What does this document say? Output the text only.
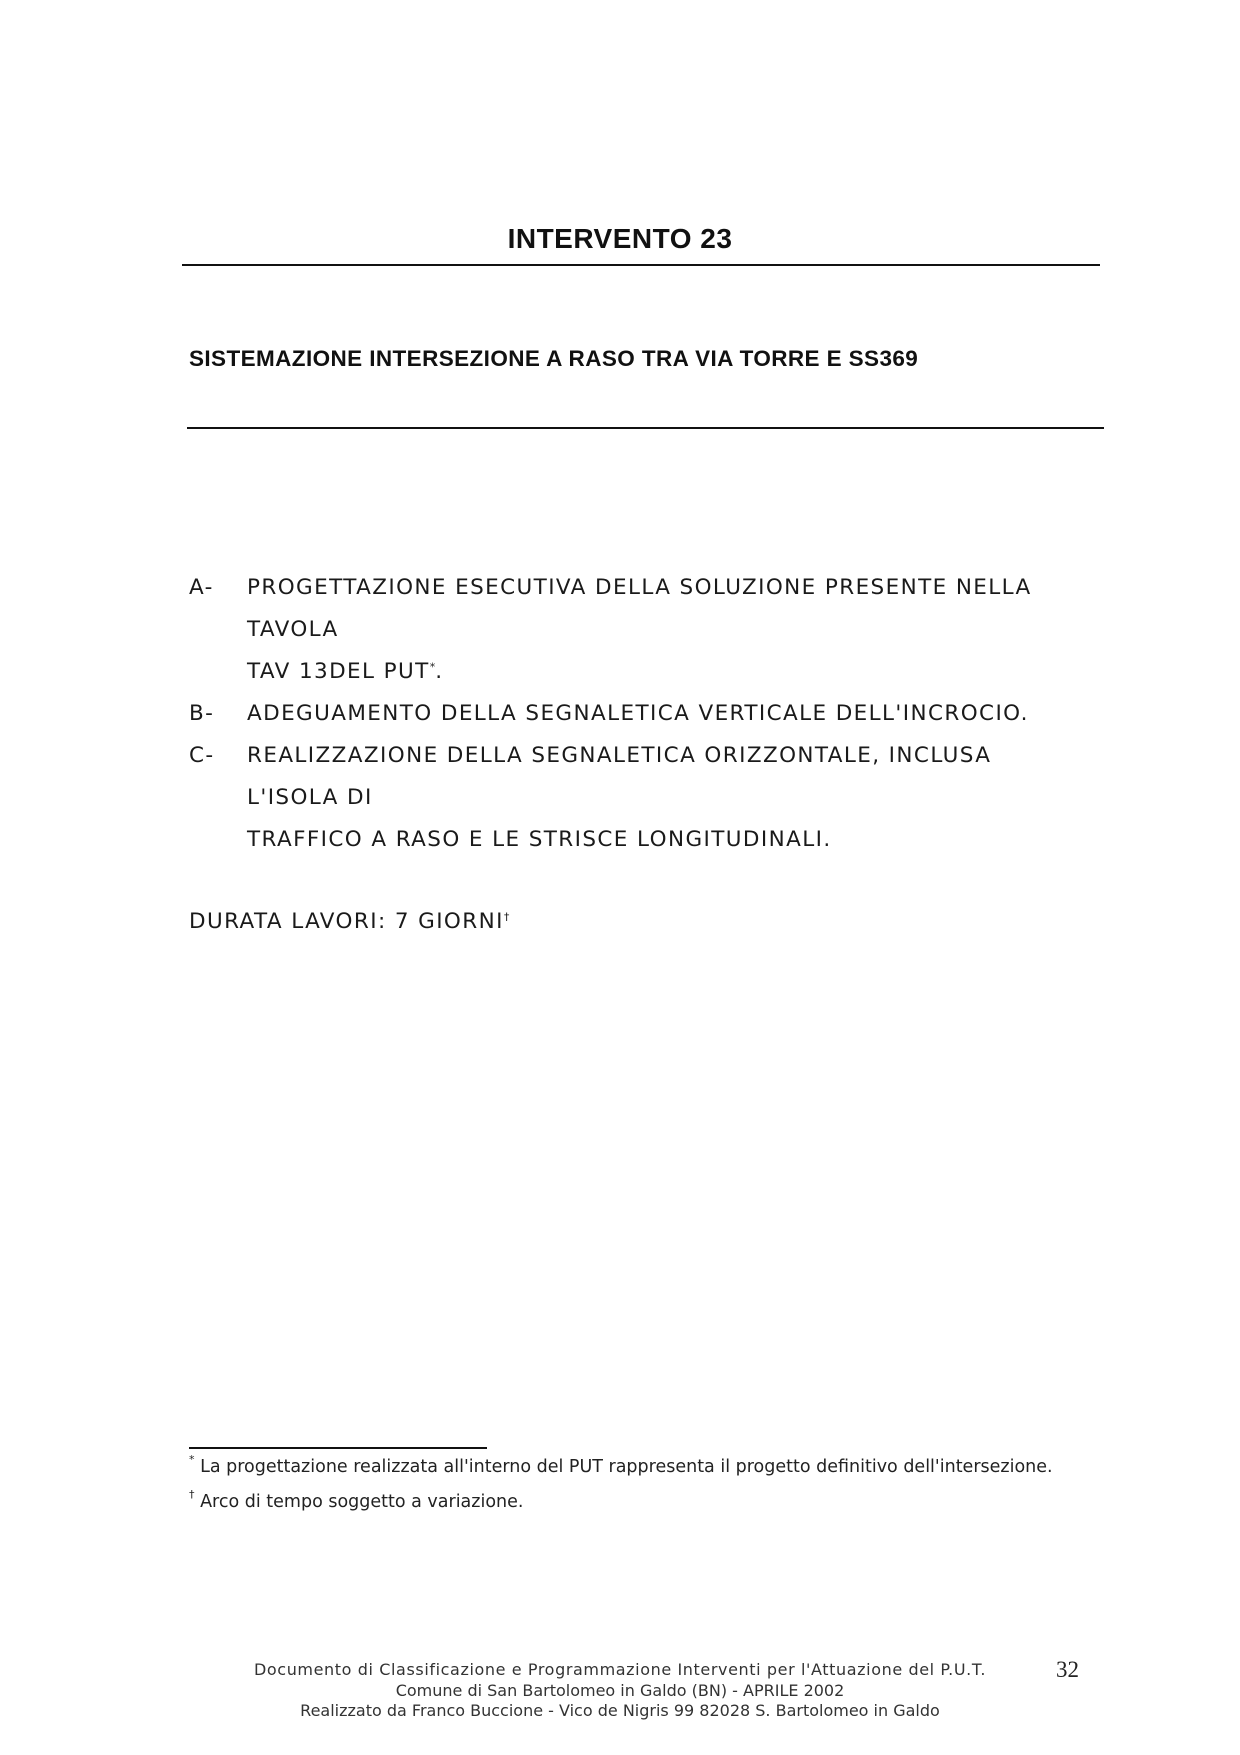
INTERVENTO 23
SISTEMAZIONE INTERSEZIONE A RASO TRA VIA TORRE E SS369
A- PROGETTAZIONE ESECUTIVA DELLA SOLUZIONE PRESENTE NELLA TAVOLA
TAV 13DEL PUT*.
B- ADEGUAMENTO DELLA SEGNALETICA VERTICALE DELL'INCROCIO.
C- REALIZZAZIONE DELLA SEGNALETICA ORIZZONTALE, INCLUSA L'ISOLA DI
TRAFFICO A RASO E LE STRISCE LONGITUDINALI.
DURATA LAVORI: 7 GIORNI†
* La progettazione realizzata all'interno del PUT rappresenta il progetto definitivo dell'intersezione.
† Arco di tempo soggetto a variazione.
Documento di Classificazione e Programmazione Interventi per l'Attuazione del P.U.T.
Comune di San Bartolomeo in Galdo (BN) - APRILE 2002
Realizzato da Franco Buccione - Vico de Nigris 99 82028 S. Bartolomeo in Galdo
32
